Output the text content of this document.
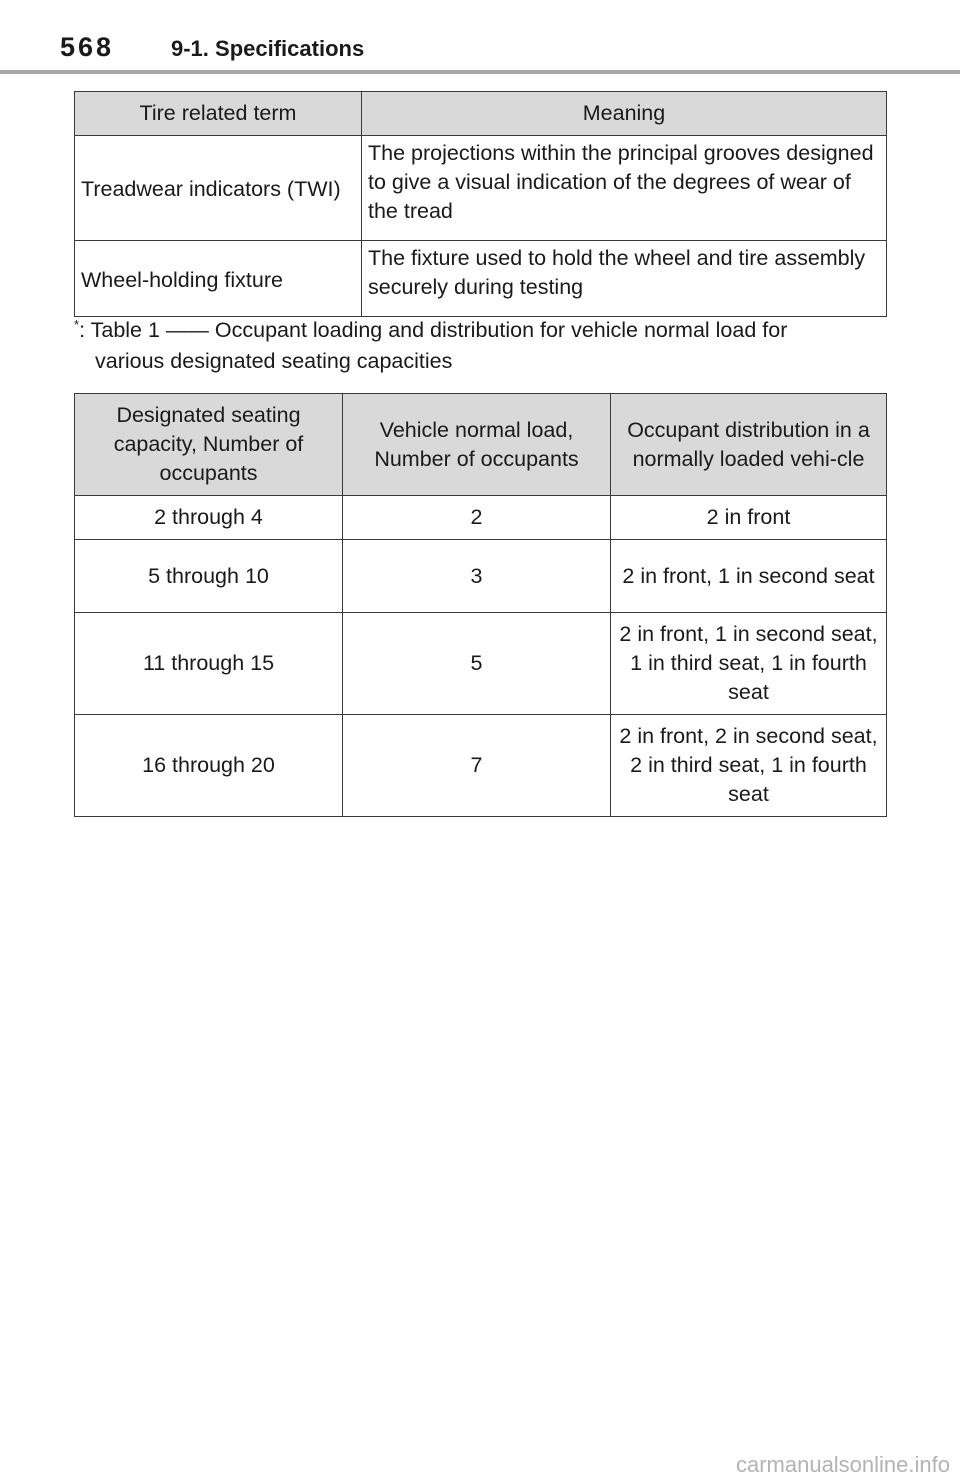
568	9-1. Specifications
Tire related term	Meaning
Treadwear indicators (TWI)	The projections within the principal grooves designed to give a visual indication of the degrees of wear of the tread
Wheel-holding fixture	The fixture used to hold the wheel and tire assembly securely during testing
*: Table 1 —— Occupant loading and distribution for vehicle normal load for
various designated seating capacities
Designated seating capacity, Number of occupants	Vehicle normal load, Number of occupants	Occupant distribution in a normally loaded vehi-cle
2 through 4	2	2 in front
5 through 10	3	2 in front, 1 in second seat
11 through 15	5	2 in front, 1 in second seat, 1 in third seat, 1 in fourth seat
16 through 20	7	2 in front, 2 in second seat, 2 in third seat, 1 in fourth seat
carmanualsonline.info
